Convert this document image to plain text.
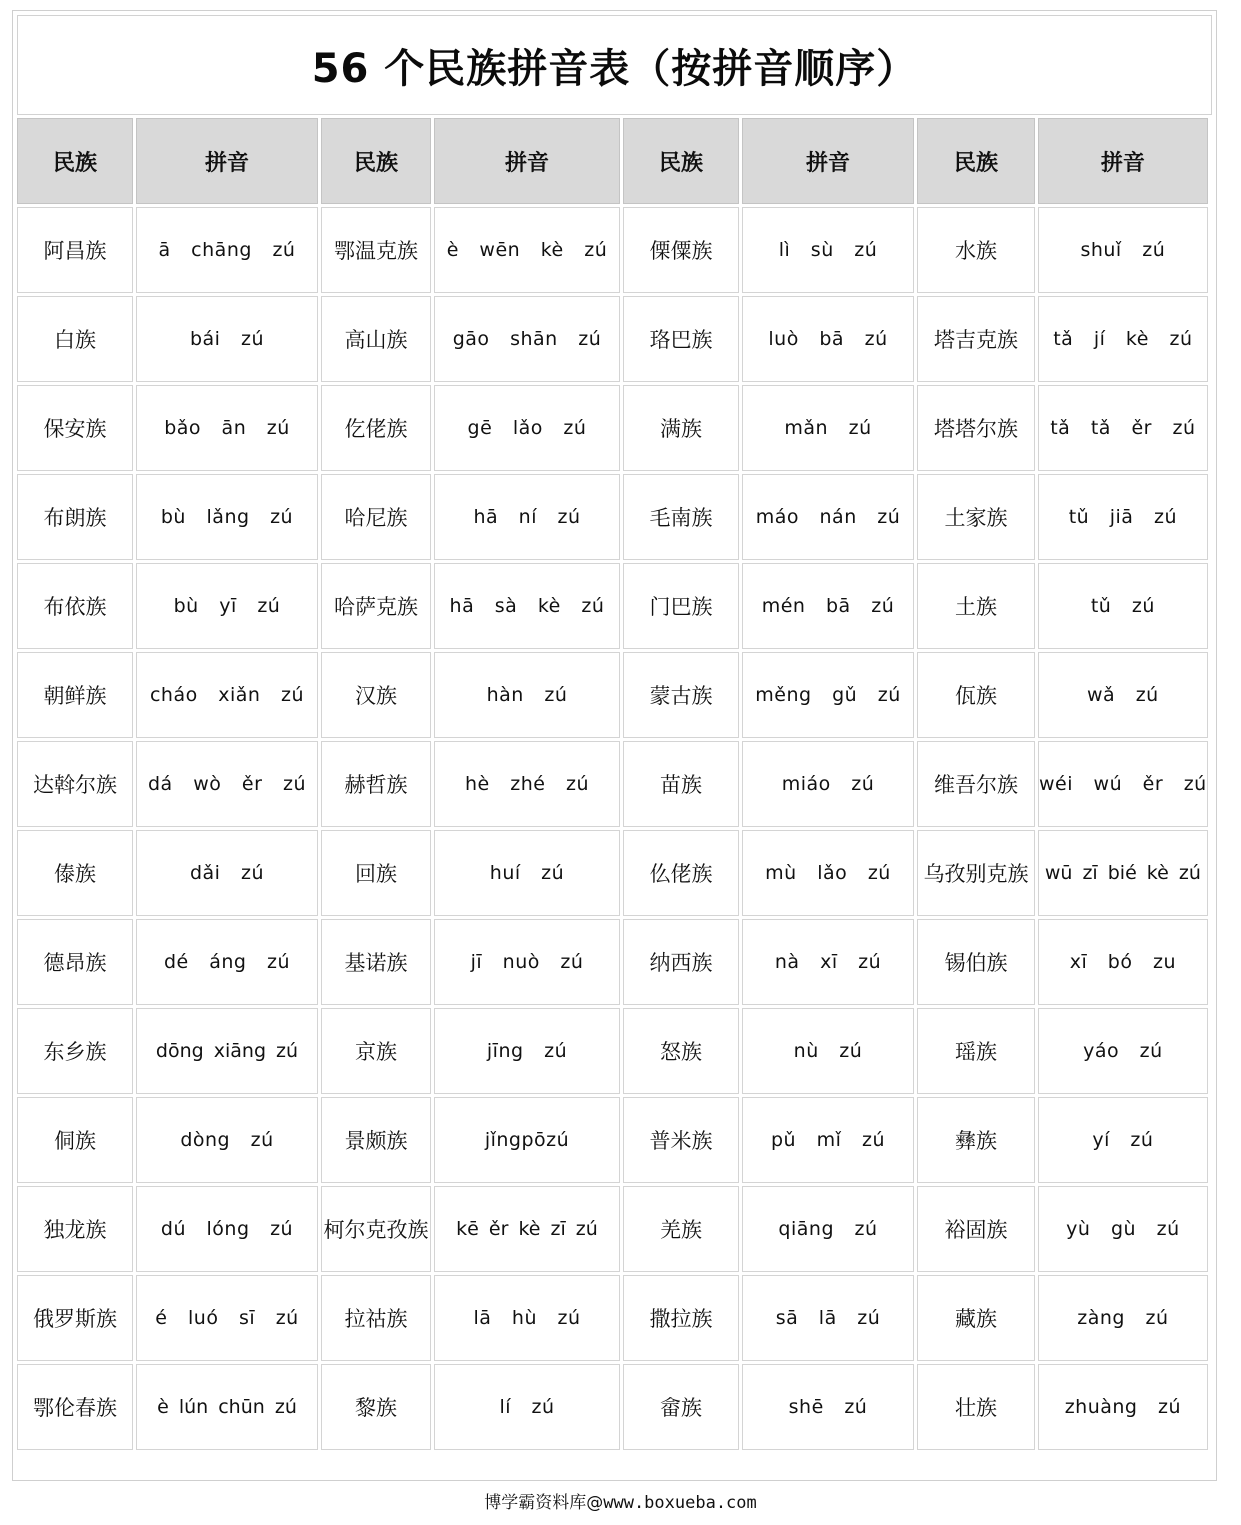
56 个民族拼音表（按拼音顺序）
民族	拼音	民族	拼音	民族	拼音	民族	拼音
阿昌族	ā chāng zú	鄂温克族	è wēn kè zú	傈僳族	lì sù zú	水族	shuǐ zú
白族	bái zú	高山族	gāo shān zú	珞巴族	luò bā zú	塔吉克族	tǎ jí kè zú
保安族	bǎo ān zú	仡佬族	gē lǎo zú	满族	mǎn zú	塔塔尔族	tǎ tǎ ěr zú
布朗族	bù lǎng zú	哈尼族	hā ní zú	毛南族	máo nán zú	土家族	tǔ jiā zú
布依族	bù yī zú	哈萨克族	hā sà kè zú	门巴族	mén bā zú	土族	tǔ zú
朝鲜族	cháo xiǎn zú	汉族	hàn zú	蒙古族	měng gǔ zú	佤族	wǎ zú
达斡尔族	dá wò ěr zú	赫哲族	hè zhé zú	苗族	miáo zú	维吾尔族	wéi wú ěr zú
傣族	dǎi zú	回族	huí zú	仫佬族	mù lǎo zú	乌孜别克族	wū zī bié kè zú
德昂族	dé áng zú	基诺族	jī nuò zú	纳西族	nà xī zú	锡伯族	xī bó zu
东乡族	dōng xiāng zú	京族	jīng zú	怒族	nù zú	瑶族	yáo zú
侗族	dòng zú	景颇族	jǐngpōzú	普米族	pǔ mǐ zú	彝族	yí zú
独龙族	dú lóng zú	柯尔克孜族	kē ěr kè zī zú	羌族	qiāng zú	裕固族	yù gù zú
俄罗斯族	é luó sī zú	拉祜族	lā hù zú	撒拉族	sā lā zú	藏族	zàng zú
鄂伦春族	è lún chūn zú	黎族	lí zú	畲族	shē zú	壮族	zhuàng zú
博学霸资料库@www.boxueba.com
